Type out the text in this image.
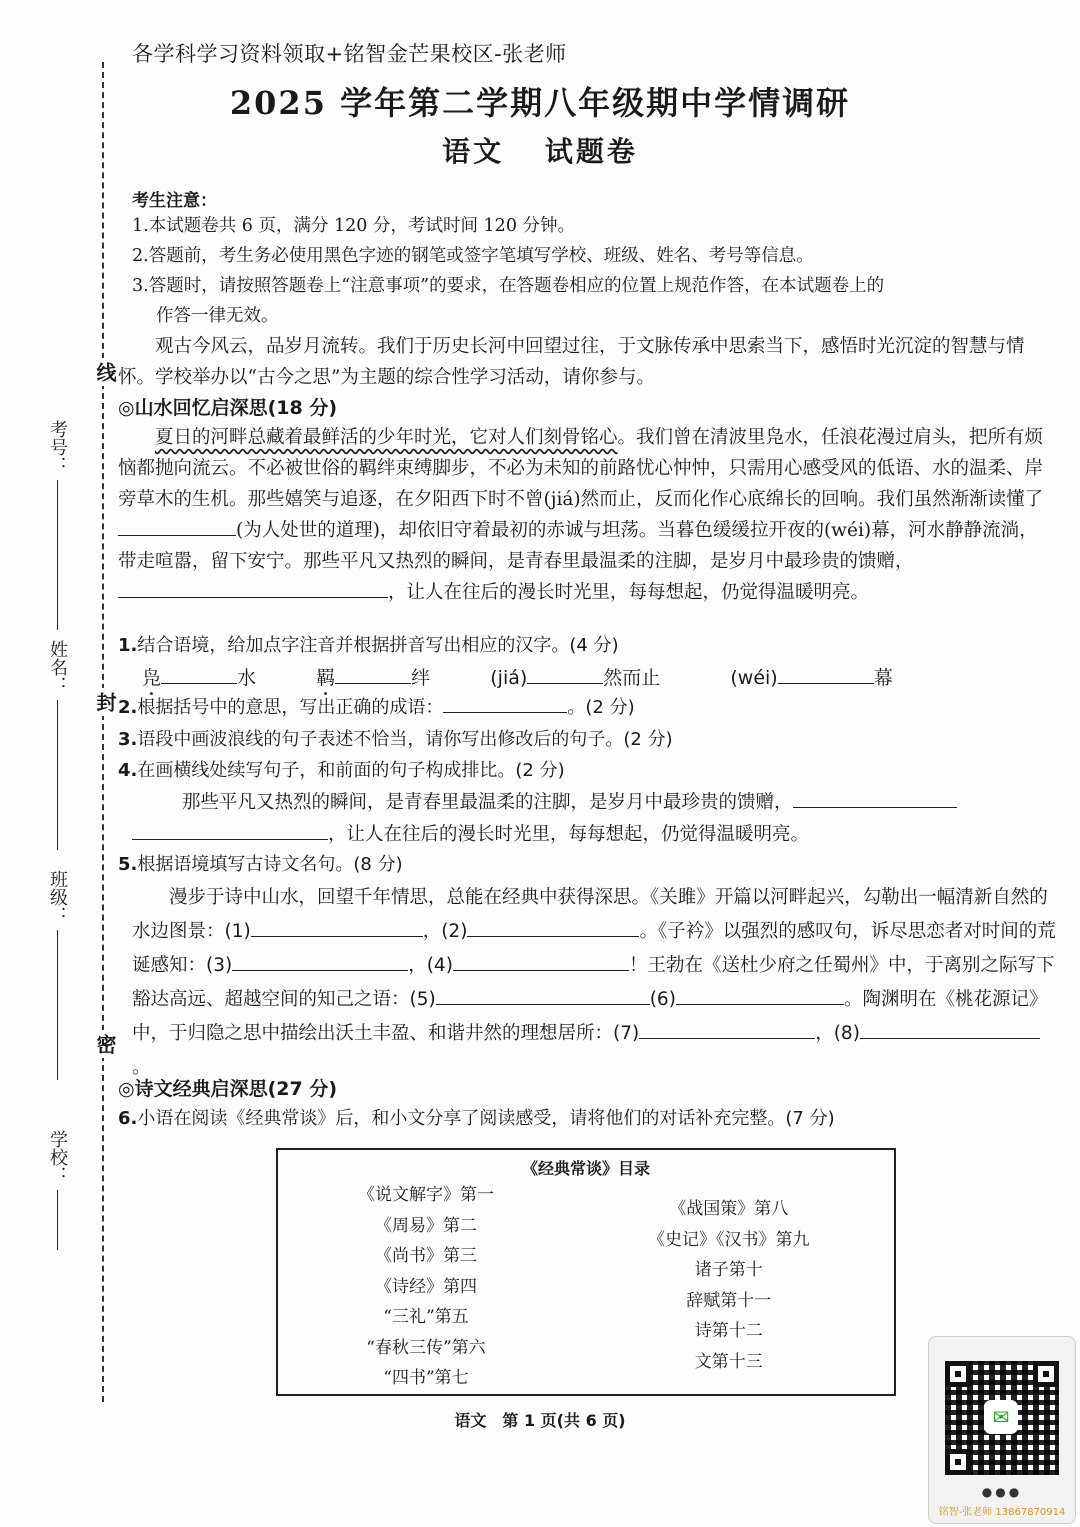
各学科学习资料领取+铭智金芒果校区-张老师
2025 学年第二学期八年级期中学情调研
语文 试题卷
线
封
密
考号：
姓名：
班级：
学校：
考生注意：

1.本试题卷共 6 页，满分 120 分，考试时间 120 分钟。

2.答题前，考生务必使用黑色字迹的钢笔或签字笔填写学校、班级、姓名、考号等信息。

3.答题时，请按照答题卷上“注意事项”的要求，在答题卷相应的位置上规范作答，在本试题卷上的

作答一律无效。

观古今风云，品岁月流转。我们于历史长河中回望过往，于文脉传承中思索当下，感悟时光沉淀的智慧与情怀。学校举办以“古今之思”为主题的综合性学习活动，请你参与。

◎山水回忆启深思(18 分)

夏日的河畔总藏着最鲜活的少年时光，它对人们刻骨铭心。我们曾在清波里凫水，任浪花漫过肩头，把所有烦恼都抛向流云。不必被世俗的羁绊束缚脚步，不必为未知的前路忧心忡忡，只需用心感受风的低语、水的温柔、岸旁草木的生机。那些嬉笑与追逐，在夕阳西下时不曾(jiá)然而止，反而化作心底绵长的回响。我们虽然渐渐读懂了(为人处世的道理)，却依旧守着最初的赤诚与坦荡。当暮色缓缓拉开夜的(wéi)幕，河水静静流淌，带走喧嚣，留下安宁。那些平凡又热烈的瞬间，是青春里最温柔的注脚，是岁月中最珍贵的馈赠，，让人在往后的漫长时光里，每每想起，仍觉得温暖明亮。

1.结合语境，给加点字注音并根据拼音写出相应的汉字。(4 分)
凫	水	羁	绊	(jiá)	然而止	(wéi)	幕
2.根据括号中的意思，写出正确的成语：	。(2 分)
3.语段中画波浪线的句子表述不恰当，请你写出修改后的句子。(2 分)
4.在画横线处续写句子，和前面的句子构成排比。(2 分)

那些平凡又热烈的瞬间，是青春里最温柔的注脚，是岁月中最珍贵的馈赠，

，让人在往后的漫长时光里，每每想起，仍觉得温暖明亮。

5.根据语境填写古诗文名句。(8 分)

漫步于诗中山水，回望千年情思，总能在经典中获得深思。《关雎》开篇以河畔起兴，勾勒出一幅清新自然的水边图景：(1)	，(2)	。《子衿》以强烈的感叹句，诉尽思恋者对时间的荒诞感知：(3)	，(4)	！王勃在《送杜少府之任蜀州》中，于离别之际写下豁达高远、超越空间的知己之语：(5)	(6)	。陶渊明在《桃花源记》中，于归隐之思中描绘出沃土丰盈、和谐井然的理想居所：(7)	，(8)。

◎诗文经典启深思(27 分)
6.小语在阅读《经典常谈》后，和小文分享了阅读感受，请将他们的对话补充完整。(7 分)
《经典常谈》目录
《说文解字》第一
《周易》第二
《尚书》第三
《诗经》第四
“三礼”第五
“春秋三传”第六
“四书”第七
《战国策》第八
《史记》《汉书》第九
诸子第十
辞赋第十一
诗第十二
文第十三
语文　第 1 页(共 6 页)	✉
●●●
铭智-张老师 13867870914
